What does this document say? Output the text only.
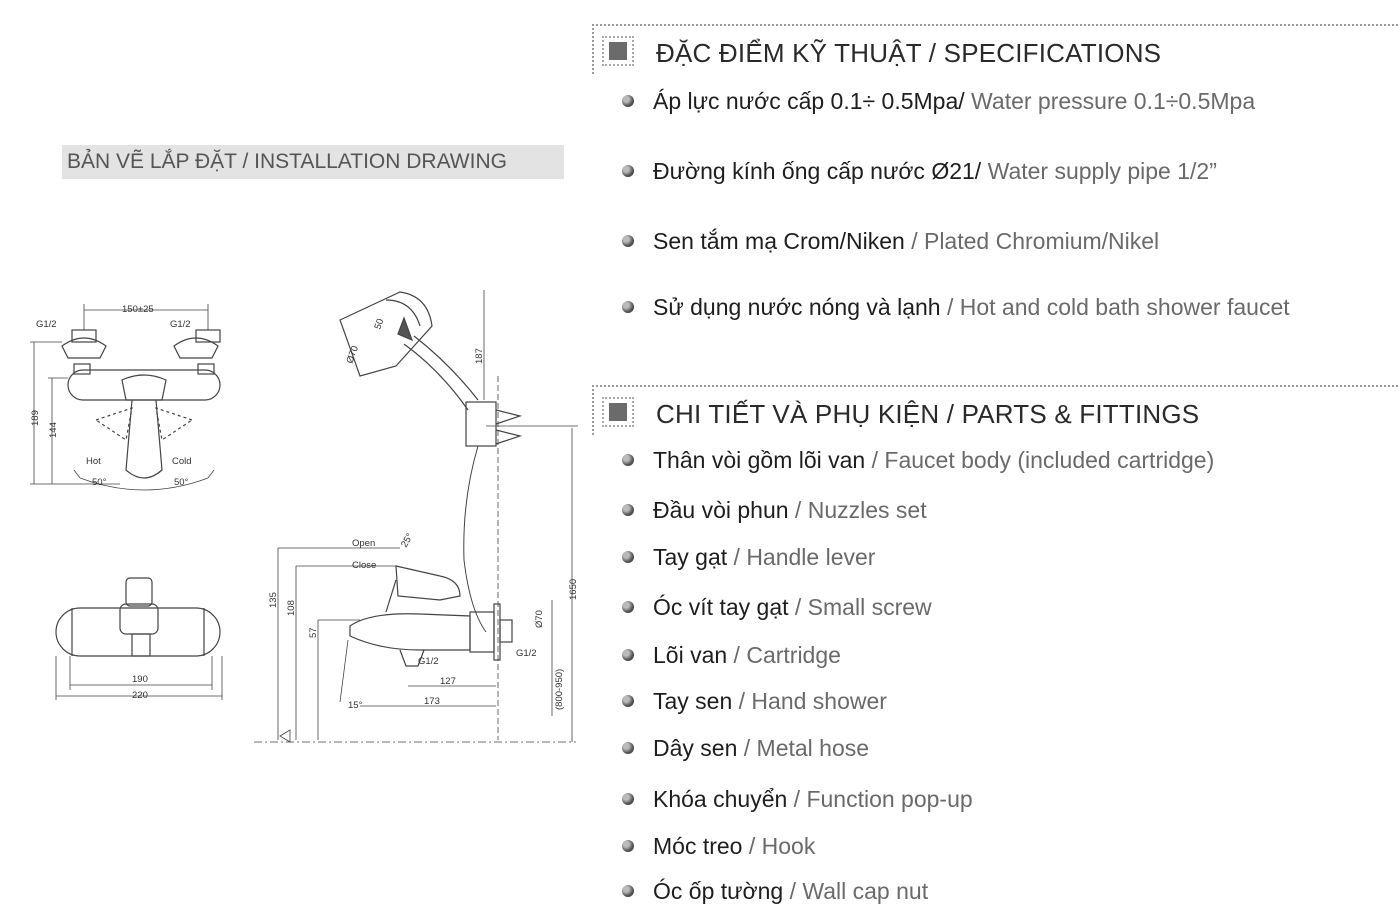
BẢN VẼ LẮP ĐẶT / INSTALLATION DRAWING
G1/2	G1/2
150±25
189
144
Hot	Cold
50°	50°
190
220
Ø70
50
187
Open
Close
25°
135
108
57
Ø70
G1/2
G1/2
127
173
15°
1650
(800-950)
ĐẶC ĐIỂM KỸ THUẬT / SPECIFICATIONS
Áp lực nước cấp 0.1÷ 0.5Mpa/ Water pressure 0.1÷0.5Mpa
Đường kính ống cấp nước Ø21/ Water supply pipe 1/2”
Sen tắm mạ Crom/Niken / Plated Chromium/Nikel
Sử dụng nước nóng và lạnh / Hot and cold bath shower faucet
CHI TIẾT VÀ PHỤ KIỆN / PARTS & FITTINGS
Thân vòi gồm lõi van / Faucet body (included cartridge)
Đầu vòi phun / Nuzzles set
Tay gạt / Handle lever
Óc vít tay gạt / Small screw
Lõi van / Cartridge
Tay sen / Hand shower
Dây sen / Metal hose
Khóa chuyển / Function pop-up
Móc treo / Hook
Óc ốp tường / Wall cap nut
